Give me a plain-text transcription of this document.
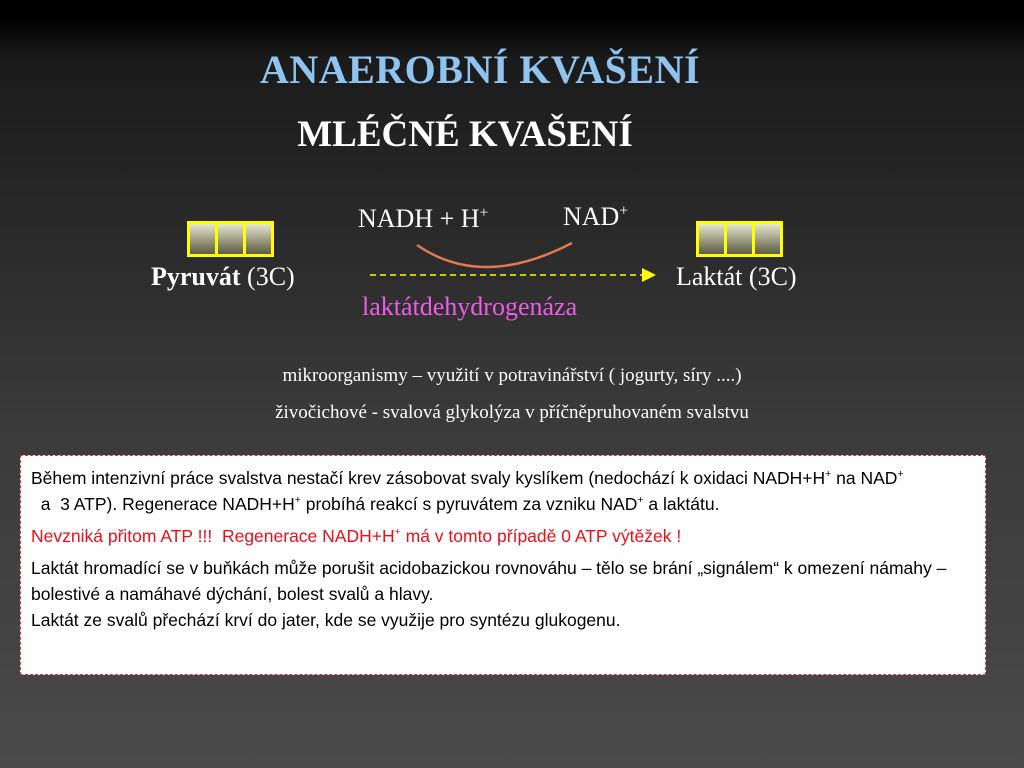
ANAEROBNÍ KVAŠENÍ
MLÉČNÉ KVAŠENÍ
NADH + H+	NAD+
Pyruvát (3C)	Laktát (3C)
laktátdehydrogenáza
mikroorganismy – využití v potravinářství ( jogurty, síry ....)
živočichové - svalová glykolýza v příčněpruhovaném svalstvu

Během intenzivní práce svalstva nestačí krev zásobovat svaly kyslíkem (nedochází k oxidaci NADH+H+ na NAD+  a  3 ATP). Regenerace NADH+H+ probíhá reakcí s pyruvátem za vzniku NAD+ a laktátu.

Nevzniká přitom ATP !!!  Regenerace NADH+H+ má v tomto případě 0 ATP výtěžek !

Laktát hromadící se v buňkách může porušit acidobazickou rovnováhu – tělo se brání „signálem“ k omezení námahy – bolestivé a namáhavé dýchání, bolest svalů a hlavy.
Laktát ze svalů přechází krví do jater, kde se využije pro syntézu glukogenu.
